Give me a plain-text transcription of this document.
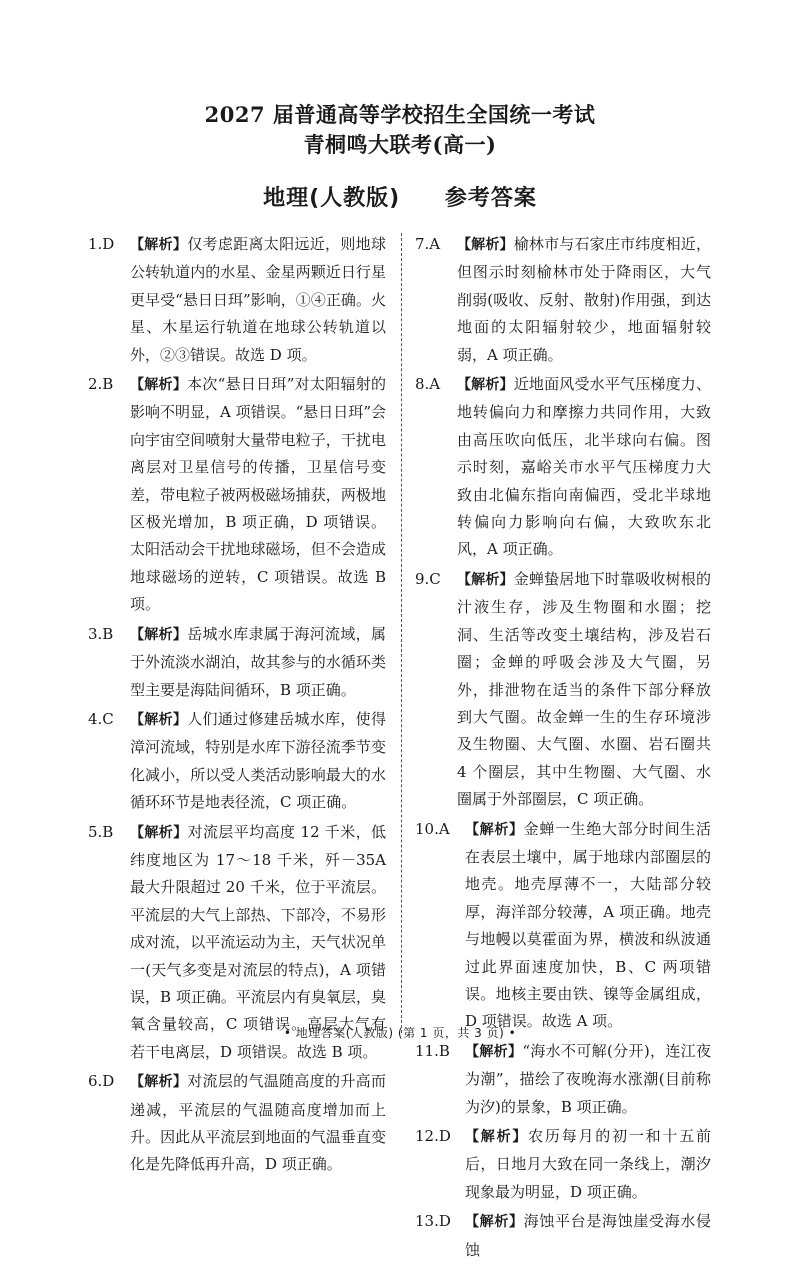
2027 届普通高等学校招生全国统一考试
青桐鸣大联考(高一)
地理(人教版) 参考答案
1.D	【解析】仅考虑距离太阳远近，则地球公转轨道内的水星、金星两颗近日行星更早受“悬日日珥”影响，①④正确。火星、木星运行轨道在地球公转轨道以外，②③错误。故选 D 项。
2.B	【解析】本次“悬日日珥”对太阳辐射的影响不明显，A 项错误。“悬日日珥”会向宇宙空间喷射大量带电粒子，干扰电离层对卫星信号的传播，卫星信号变差，带电粒子被两极磁场捕获，两极地区极光增加，B 项正确，D 项错误。太阳活动会干扰地球磁场，但不会造成地球磁场的逆转，C 项错误。故选 B 项。
3.B	【解析】岳城水库隶属于海河流域，属于外流淡水湖泊，故其参与的水循环类型主要是海陆间循环，B 项正确。
4.C	【解析】人们通过修建岳城水库，使得漳河流域，特别是水库下游径流季节变化减小，所以受人类活动影响最大的水循环环节是地表径流，C 项正确。
5.B	【解析】对流层平均高度 12 千米，低纬度地区为 17～18 千米，歼－35A 最大升限超过 20 千米，位于平流层。平流层的大气上部热、下部冷，不易形成对流，以平流运动为主，天气状况单一(天气多变是对流层的特点)，A 项错误，B 项正确。平流层内有臭氧层，臭氧含量较高，C 项错误。高层大气有若干电离层，D 项错误。故选 B 项。
6.D	【解析】对流层的气温随高度的升高而递减，平流层的气温随高度增加而上升。因此从平流层到地面的气温垂直变化是先降低再升高，D 项正确。
7.A	【解析】榆林市与石家庄市纬度相近，但图示时刻榆林市处于降雨区，大气削弱(吸收、反射、散射)作用强，到达地面的太阳辐射较少，地面辐射较弱，A 项正确。
8.A	【解析】近地面风受水平气压梯度力、地转偏向力和摩擦力共同作用，大致由高压吹向低压，北半球向右偏。图示时刻，嘉峪关市水平气压梯度力大致由北偏东指向南偏西，受北半球地转偏向力影响向右偏，大致吹东北风，A 项正确。
9.C	【解析】金蝉蛰居地下时靠吸收树根的汁液生存，涉及生物圈和水圈；挖洞、生活等改变土壤结构，涉及岩石圈；金蝉的呼吸会涉及大气圈，另外，排泄物在适当的条件下部分释放到大气圈。故金蝉一生的生存环境涉及生物圈、大气圈、水圈、岩石圈共 4 个圈层，其中生物圈、大气圈、水圈属于外部圈层，C 项正确。
10.A	【解析】金蝉一生绝大部分时间生活在表层土壤中，属于地球内部圈层的地壳。地壳厚薄不一，大陆部分较厚，海洋部分较薄，A 项正确。地壳与地幔以莫霍面为界，横波和纵波通过此界面速度加快，B、C 两项错误。地核主要由铁、镍等金属组成，D 项错误。故选 A 项。
11.B	【解析】“海水不可解(分开)，连江夜为潮”，描绘了夜晚海水涨潮(目前称为汐)的景象，B 项正确。
12.D	【解析】农历每月的初一和十五前后，日地月大致在同一条线上，潮汐现象最为明显，D 项正确。
13.D	【解析】海蚀平台是海蚀崖受海水侵蚀
• 地理答案(人教版) (第 1 页，共 3 页) •
